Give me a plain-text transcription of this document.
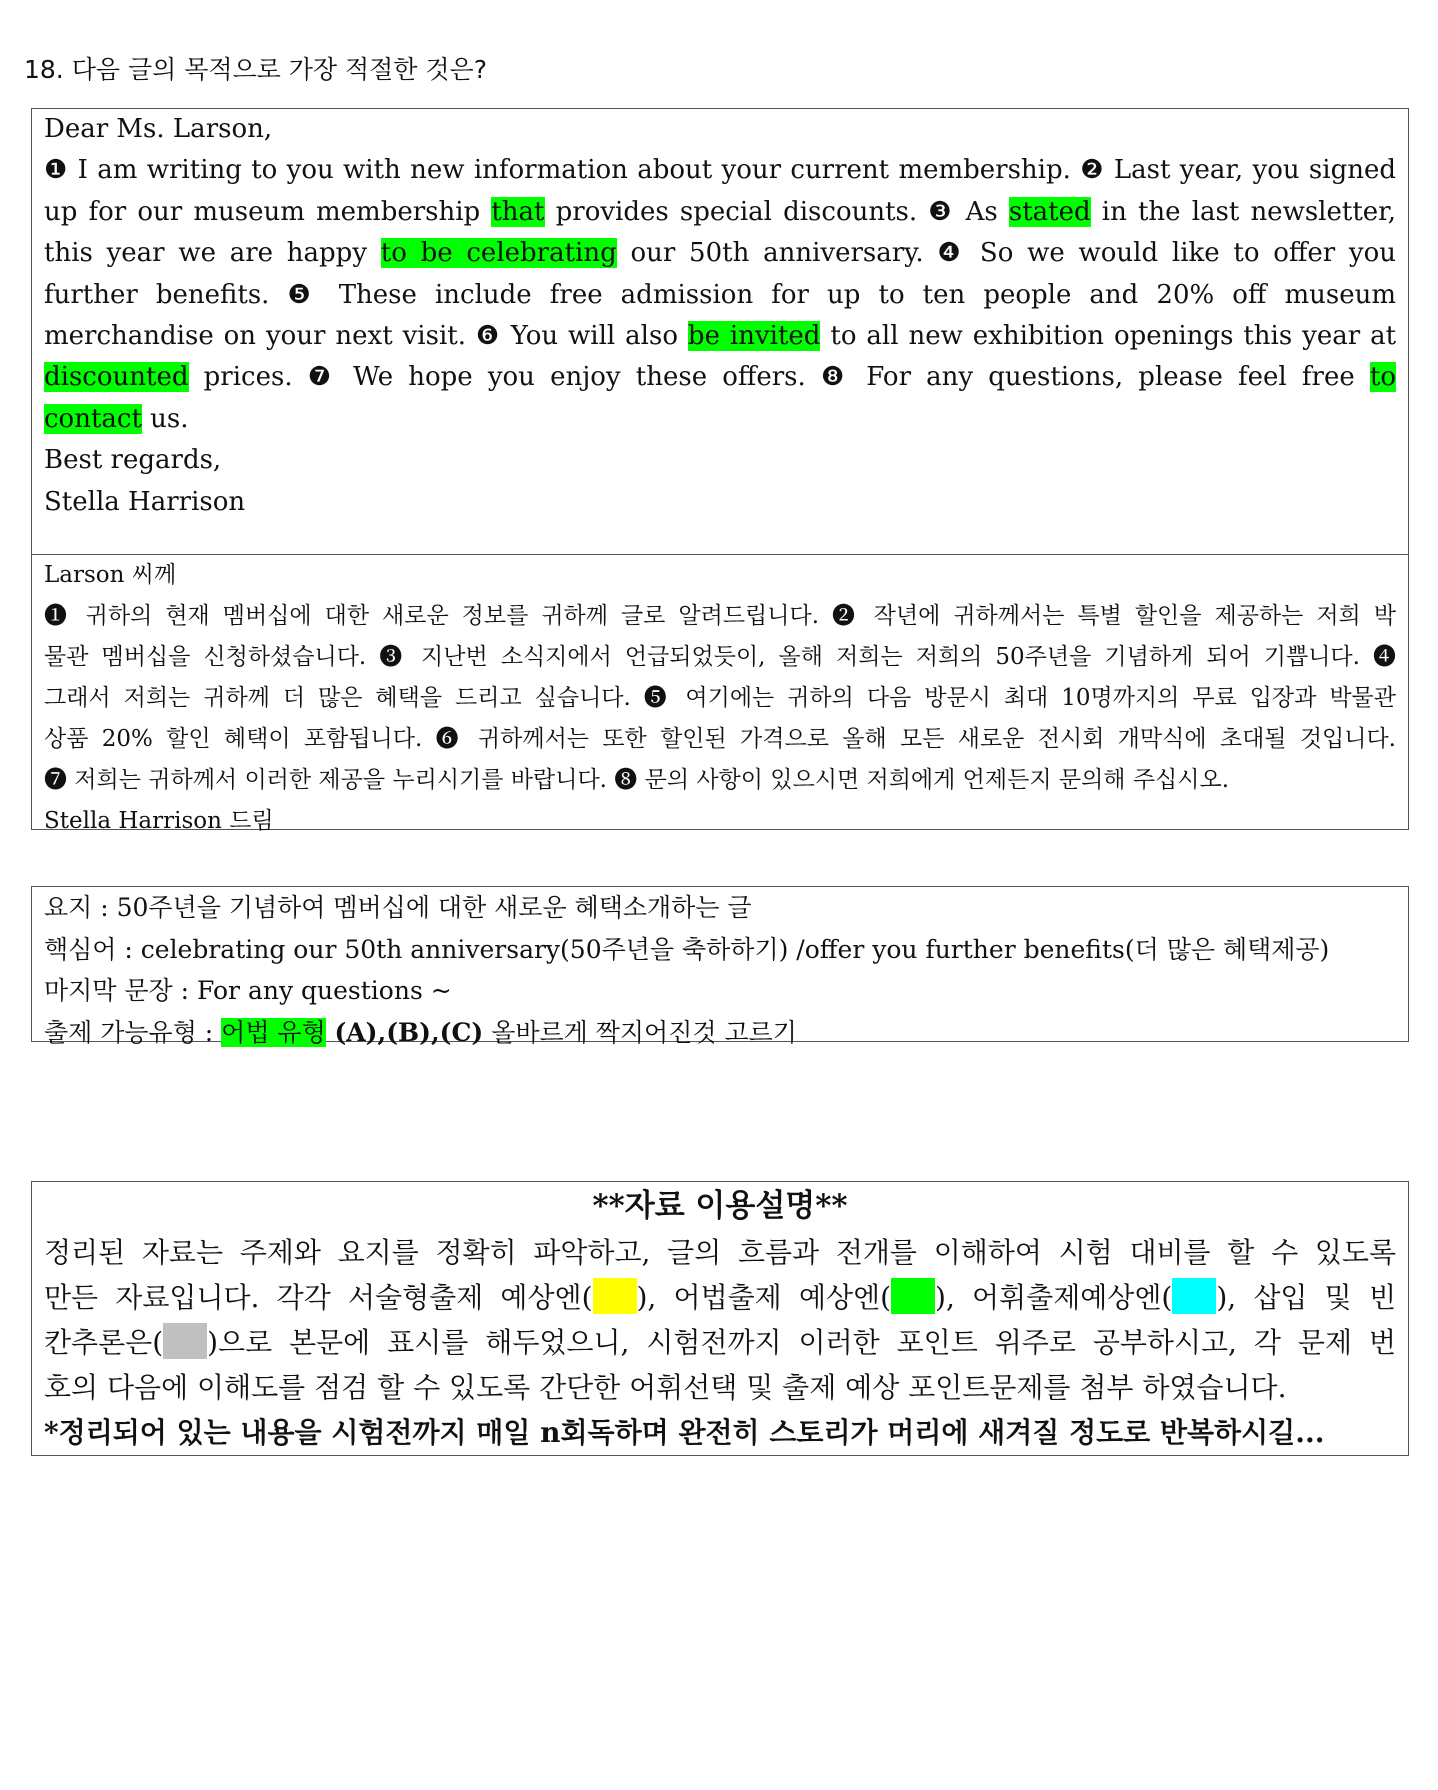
18. 다음 글의 목적으로 가장 적절한 것은?
Dear Ms. Larson,
❶ I am writing to you with new information about your current membership. ❷ Last year, you signed
up for our museum membership that provides special discounts. ❸ As stated in the last newsletter,
this year we are happy to be celebrating our 50th anniversary. ❹ So we would like to offer you
further benefits. ❺ These include free admission for up to ten people and 20% off museum
merchandise on your next visit. ❻ You will also be invited to all new exhibition openings this year at
discounted prices. ❼ We hope you enjoy these offers. ❽ For any questions, please feel free to
contact us.
Best regards,
Stella Harrison
Larson 씨께
❶ 귀하의 현재 멤버십에 대한 새로운 정보를 귀하께 글로 알려드립니다. ❷ 작년에 귀하께서는 특별 할인을 제공하는 저희 박
물관 멤버십을 신청하셨습니다. ❸ 지난번 소식지에서 언급되었듯이, 올해 저희는 저희의 50주년을 기념하게 되어 기쁩니다. ❹
그래서 저희는 귀하께 더 많은 혜택을 드리고 싶습니다. ❺ 여기에는 귀하의 다음 방문시 최대 10명까지의 무료 입장과 박물관
상품 20% 할인 혜택이 포함됩니다. ❻ 귀하께서는 또한 할인된 가격으로 올해 모든 새로운 전시회 개막식에 초대될 것입니다.
❼ 저희는 귀하께서 이러한 제공을 누리시기를 바랍니다. ❽ 문의 사항이 있으시면 저희에게 언제든지 문의해 주십시오.
Stella Harrison 드림
요지 : 50주년을 기념하여 멤버십에 대한 새로운 혜택소개하는 글
핵심어 : celebrating our 50th anniversary(50주년을 축하하기) /offer you further benefits(더 많은 혜택제공)
마지막 문장 : For any questions ~
출제 가능유형 : 어법 유형 (A),(B),(C) 올바르게 짝지어진것 고르기
**자료 이용설명**
정리된 자료는 주제와 요지를 정확히 파악하고, 글의 흐름과 전개를 이해하여 시험 대비를 할 수 있도록
만든 자료입니다. 각각 서술형출제 예상엔( ), 어법출제 예상엔( ), 어휘출제예상엔( ), 삽입 및 빈
칸추론은( )으로 본문에 표시를 해두었으니, 시험전까지 이러한 포인트 위주로 공부하시고, 각 문제 번
호의 다음에 이해도를 점검 할 수 있도록 간단한 어휘선택 및 출제 예상 포인트문제를 첨부 하였습니다.
*정리되어 있는 내용을 시험전까지 매일 n회독하며 완전히 스토리가 머리에 새겨질 정도로 반복하시길...
